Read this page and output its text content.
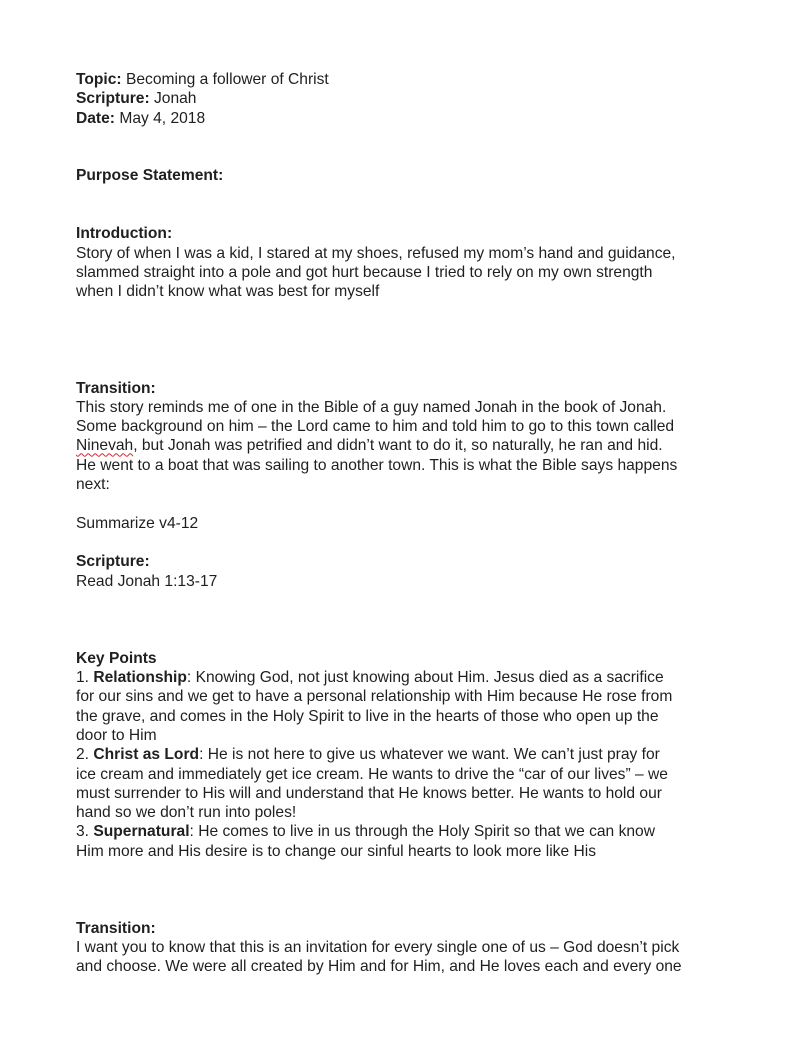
Topic: Becoming a follower of Christ
Scripture: Jonah
Date: May 4, 2018
Purpose Statement:
Introduction:
Story of when I was a kid, I stared at my shoes, refused my mom’s hand and guidance,
slammed straight into a pole and got hurt because I tried to rely on my own strength
when I didn’t know what was best for myself
Transition:
This story reminds me of one in the Bible of a guy named Jonah in the book of Jonah.
Some background on him – the Lord came to him and told him to go to this town called
Ninevah, but Jonah was petrified and didn’t want to do it, so naturally, he ran and hid.
He went to a boat that was sailing to another town. This is what the Bible says happens
next:
Summarize v4-12
Scripture:
Read Jonah 1:13-17
Key Points
1. Relationship: Knowing God, not just knowing about Him. Jesus died as a sacrifice
for our sins and we get to have a personal relationship with Him because He rose from
the grave, and comes in the Holy Spirit to live in the hearts of those who open up the
door to Him
2. Christ as Lord: He is not here to give us whatever we want. We can’t just pray for
ice cream and immediately get ice cream. He wants to drive the “car of our lives” – we
must surrender to His will and understand that He knows better. He wants to hold our
hand so we don’t run into poles!
3. Supernatural: He comes to live in us through the Holy Spirit so that we can know
Him more and His desire is to change our sinful hearts to look more like His
Transition:
I want you to know that this is an invitation for every single one of us – God doesn’t pick
and choose. We were all created by Him and for Him, and He loves each and every one
